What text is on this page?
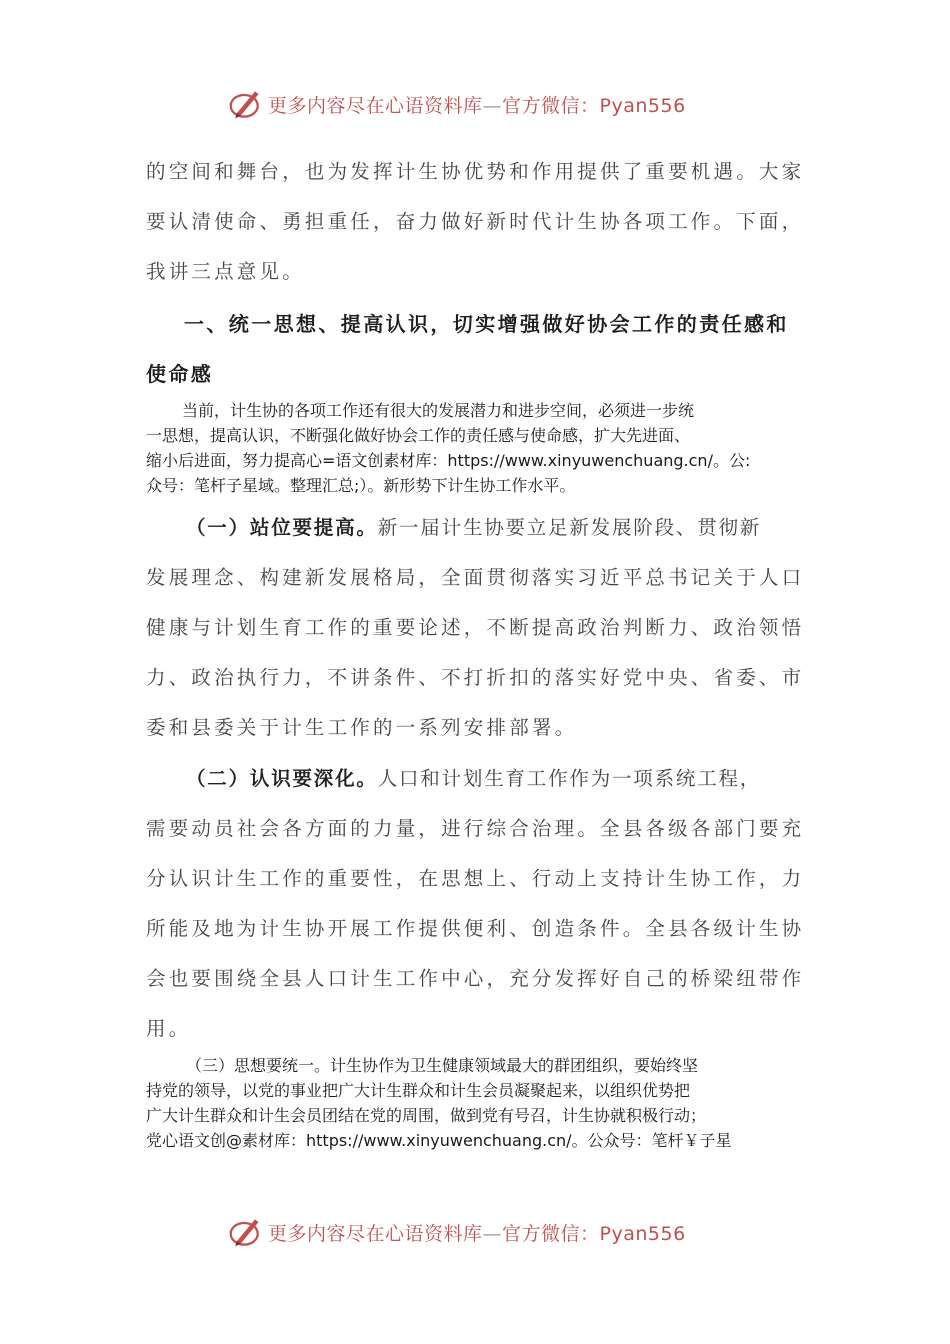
更多内容尽在心语资料库—官方微信：Pyan556
的空间和舞台，也为发挥计生协优势和作用提供了重要机遇。大家
要认清使命、勇担重任，奋力做好新时代计生协各项工作。下面，
我讲三点意见。
一、统一思想、提高认识，切实增强做好协会工作的责任感和
使命感
当前，计生协的各项工作还有很大的发展潜力和进步空间，必须进一步统
一思想，提高认识，不断强化做好协会工作的责任感与使命感，扩大先进面、
缩小后进面，努力提高心=语文创素材库：https://www.xinyuwenchuang.cn/。公:
众号：笔杆子星域。整理汇总;）。新形势下计生协工作水平。
（一）站位要提高。新一届计生协要立足新发展阶段、贯彻新
发展理念、构建新发展格局，全面贯彻落实习近平总书记关于人口
健康与计划生育工作的重要论述，不断提高政治判断力、政治领悟
力、政治执行力，不讲条件、不打折扣的落实好党中央、省委、市
委和县委关于计生工作的一系列安排部署。
（二）认识要深化。人口和计划生育工作作为一项系统工程，
需要动员社会各方面的力量，进行综合治理。全县各级各部门要充
分认识计生工作的重要性，在思想上、行动上支持计生协工作，力
所能及地为计生协开展工作提供便利、创造条件。全县各级计生协
会也要围绕全县人口计生工作中心，充分发挥好自己的桥梁纽带作
用。
（三）思想要统一。计生协作为卫生健康领域最大的群团组织，要始终坚
持党的领导，以党的事业把广大计生群众和计生会员凝聚起来，以组织优势把
广大计生群众和计生会员团结在党的周围，做到党有号召，计生协就积极行动；
党心语文创@素材库：https://www.xinyuwenchuang.cn/。公众号：笔杆￥子星
更多内容尽在心语资料库—官方微信：Pyan556
